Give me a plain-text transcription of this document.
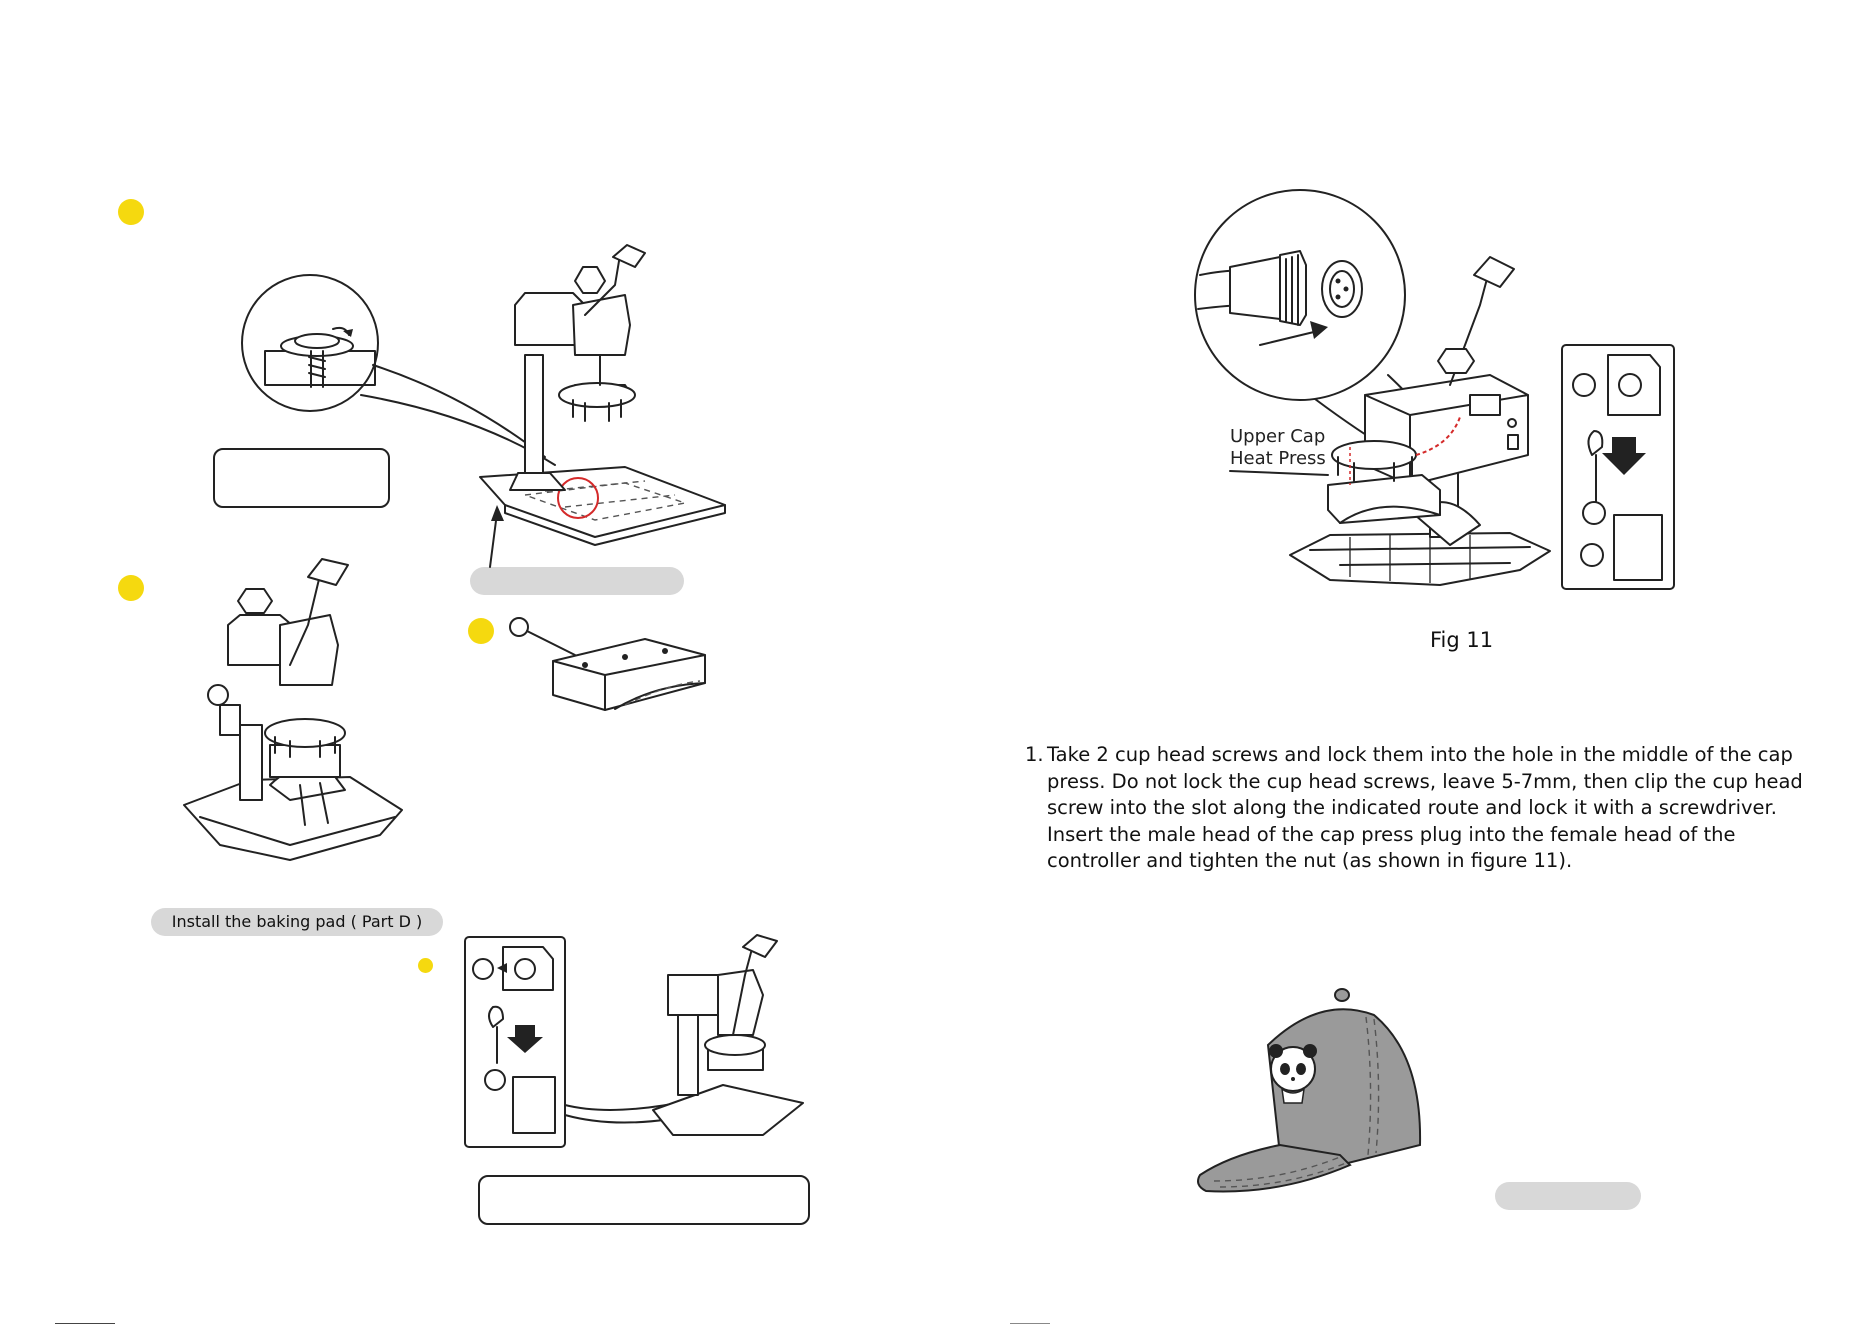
Install the baking pad ( Part D )
Upper Cap
Heat Press
Fig 11
1. Take 2 cup head screws and lock them into the hole in the middle of the cap press. Do not lock the cup head screws, leave 5-7mm, then clip the cup head screw into the slot along the indicated route and lock it with a screwdriver. Insert the male head of the cap press plug into the female head of the controller and tighten the nut (as shown in figure 11).
